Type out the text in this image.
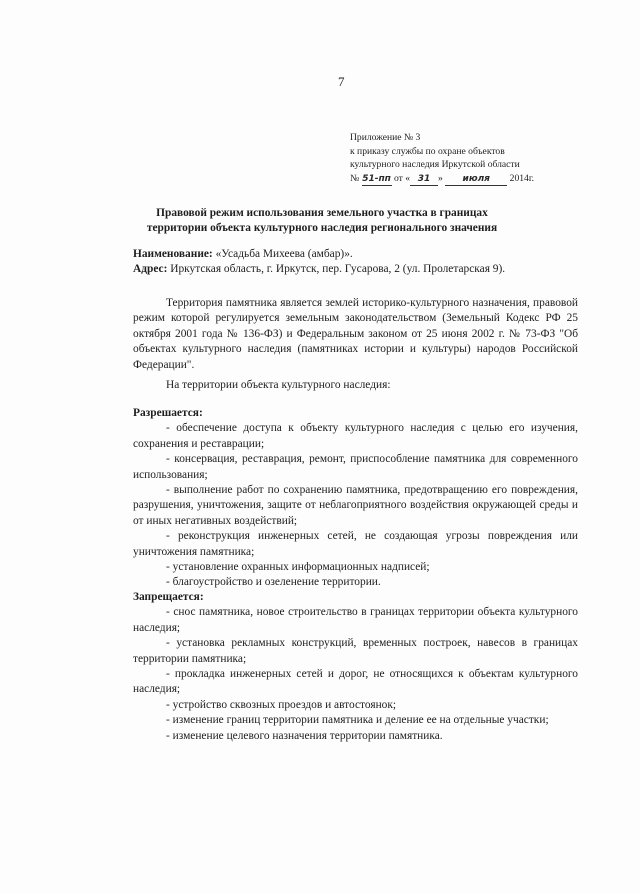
7
Приложение № 3
к приказу службы по охране объектов
культурного наследия Иркутской области
№ 51-пп от « 31 » июля 2014г.
Правовой режим использования земельного участка в границах
территории объекта культурного наследия регионального значения
Наименование: «Усадьба Михеева (амбар)».
Адрес: Иркутская область, г. Иркутск, пер. Гусарова, 2 (ул. Пролетарская 9).

Территория памятника является землей историко-культурного назначения, правовой режим которой регулируется земельным законодательством (Земельный Кодекс РФ 25 октября 2001 года № 136-ФЗ) и Федеральным законом от 25 июня 2002 г. № 73-ФЗ "Об объектах культурного наследия (памятниках истории и культуры) народов Российской Федерации".

На территории объекта культурного наследия:

Разрешается:

- обеспечение доступа к объекту культурного наследия с целью его изучения, сохранения и реставрации;

- консервация, реставрация, ремонт, приспособление памятника для современного использования;

- выполнение работ по сохранению памятника, предотвращению его повреждения, разрушения, уничтожения, защите от неблагоприятного воздействия окружающей среды и от иных негативных воздействий;

- реконструкция инженерных сетей, не создающая угрозы повреждения или уничтожения памятника;

- установление охранных информационных надписей;

- благоустройство и озеленение территории.

Запрещается:

- снос памятника, новое строительство в границах территории объекта культурного наследия;

- установка рекламных конструкций, временных построек, навесов в границах территории памятника;

- прокладка инженерных сетей и дорог, не относящихся к объектам культурного наследия;

- устройство сквозных проездов и автостоянок;

- изменение границ территории памятника и деление ее на отдельные участки;

- изменение целевого назначения территории памятника.
